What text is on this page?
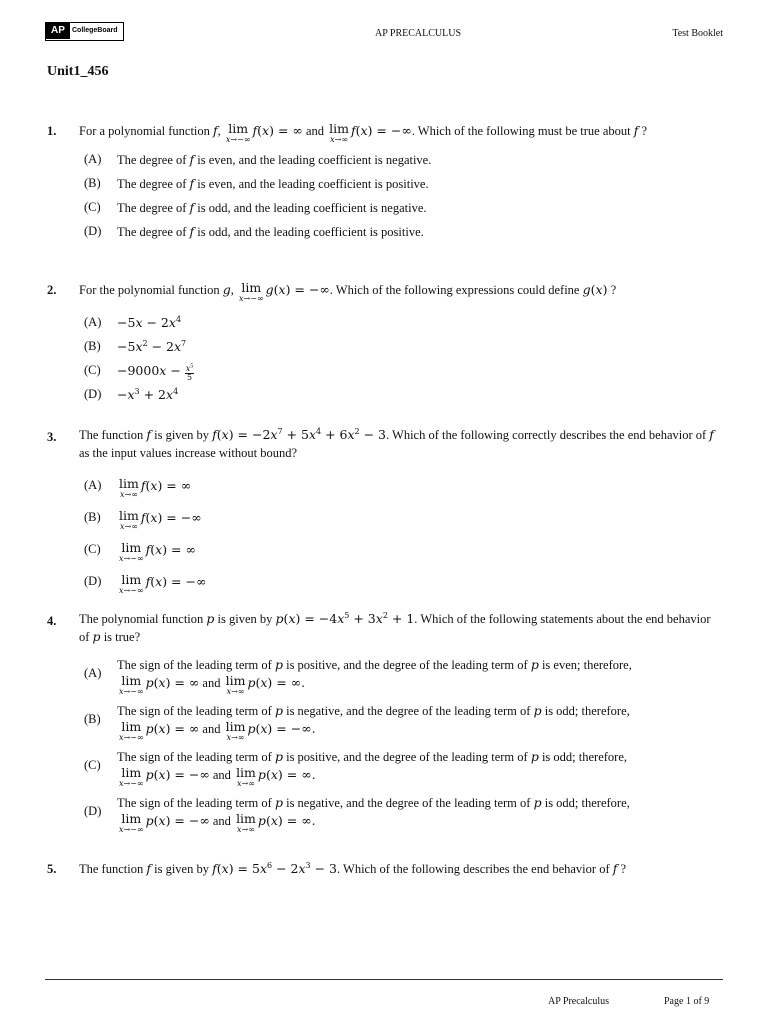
AP	CollegeBoard	AP PRECALCULUS	Test Booklet
Unit1_456
1. For a polynomial function f, lim
x→−∞
f(x) = ∞ and lim
x→∞
f(x) = −∞. Which of the following must be true about f ?
(A) The degree of f is even, and the leading coefficient is negative.
(B) The degree of f is even, and the leading coefficient is positive.
(C) The degree of f is odd, and the leading coefficient is negative.
(D) The degree of f is odd, and the leading coefficient is positive.
2. For the polynomial function g, lim
x→−∞
g(x) = −∞. Which of the following expressions could define g(x) ?
$(A) -5x - 2x^4$
$(B) -5x^2 - 2x^7$
$(C) -9000x - \frac{x^5}{5}$
$(D) -x^3 + 2x^4$
3. The function f is given by $f(x) = -2x^7 + 5x^4 + 6x^2 - 3$. Which of the following correctly describes the end behavior of f as the input values increase without bound?
(A) lim
x→∞
f(x) = ∞
(B) lim
x→∞
f(x) = −∞
(C) lim
x→−∞
f(x) = ∞
(D) lim
x→−∞
f(x) = −∞
4. The polynomial function p is given by $p(x) = -4x^5 + 3x^2 + 1$. Which of the following statements about the end behavior of p is true?
(A)
The sign of the leading term of p is positive, and the degree of the leading term of p is even; therefore,
lim
x→−∞
p(x) = ∞ and lim
x→∞
p(x) = ∞.
(B)
The sign of the leading term of p is negative, and the degree of the leading term of p is odd; therefore,
lim
x→−∞
p(x) = ∞ and lim
x→∞
p(x) = −∞.
(C)
The sign of the leading term of p is positive, and the degree of the leading term of p is odd; therefore,
lim
x→−∞
p(x) = −∞ and lim
x→∞
p(x) = ∞.
(D)
The sign of the leading term of p is negative, and the degree of the leading term of p is odd; therefore,
lim
x→−∞
p(x) = −∞ and lim
x→∞
p(x) = ∞.
5. The function f is given by $f(x) = 5x^6 - 2x^3 - 3$. Which of the following describes the end behavior of f ?
AP Precalculus	Page 1 of 9
